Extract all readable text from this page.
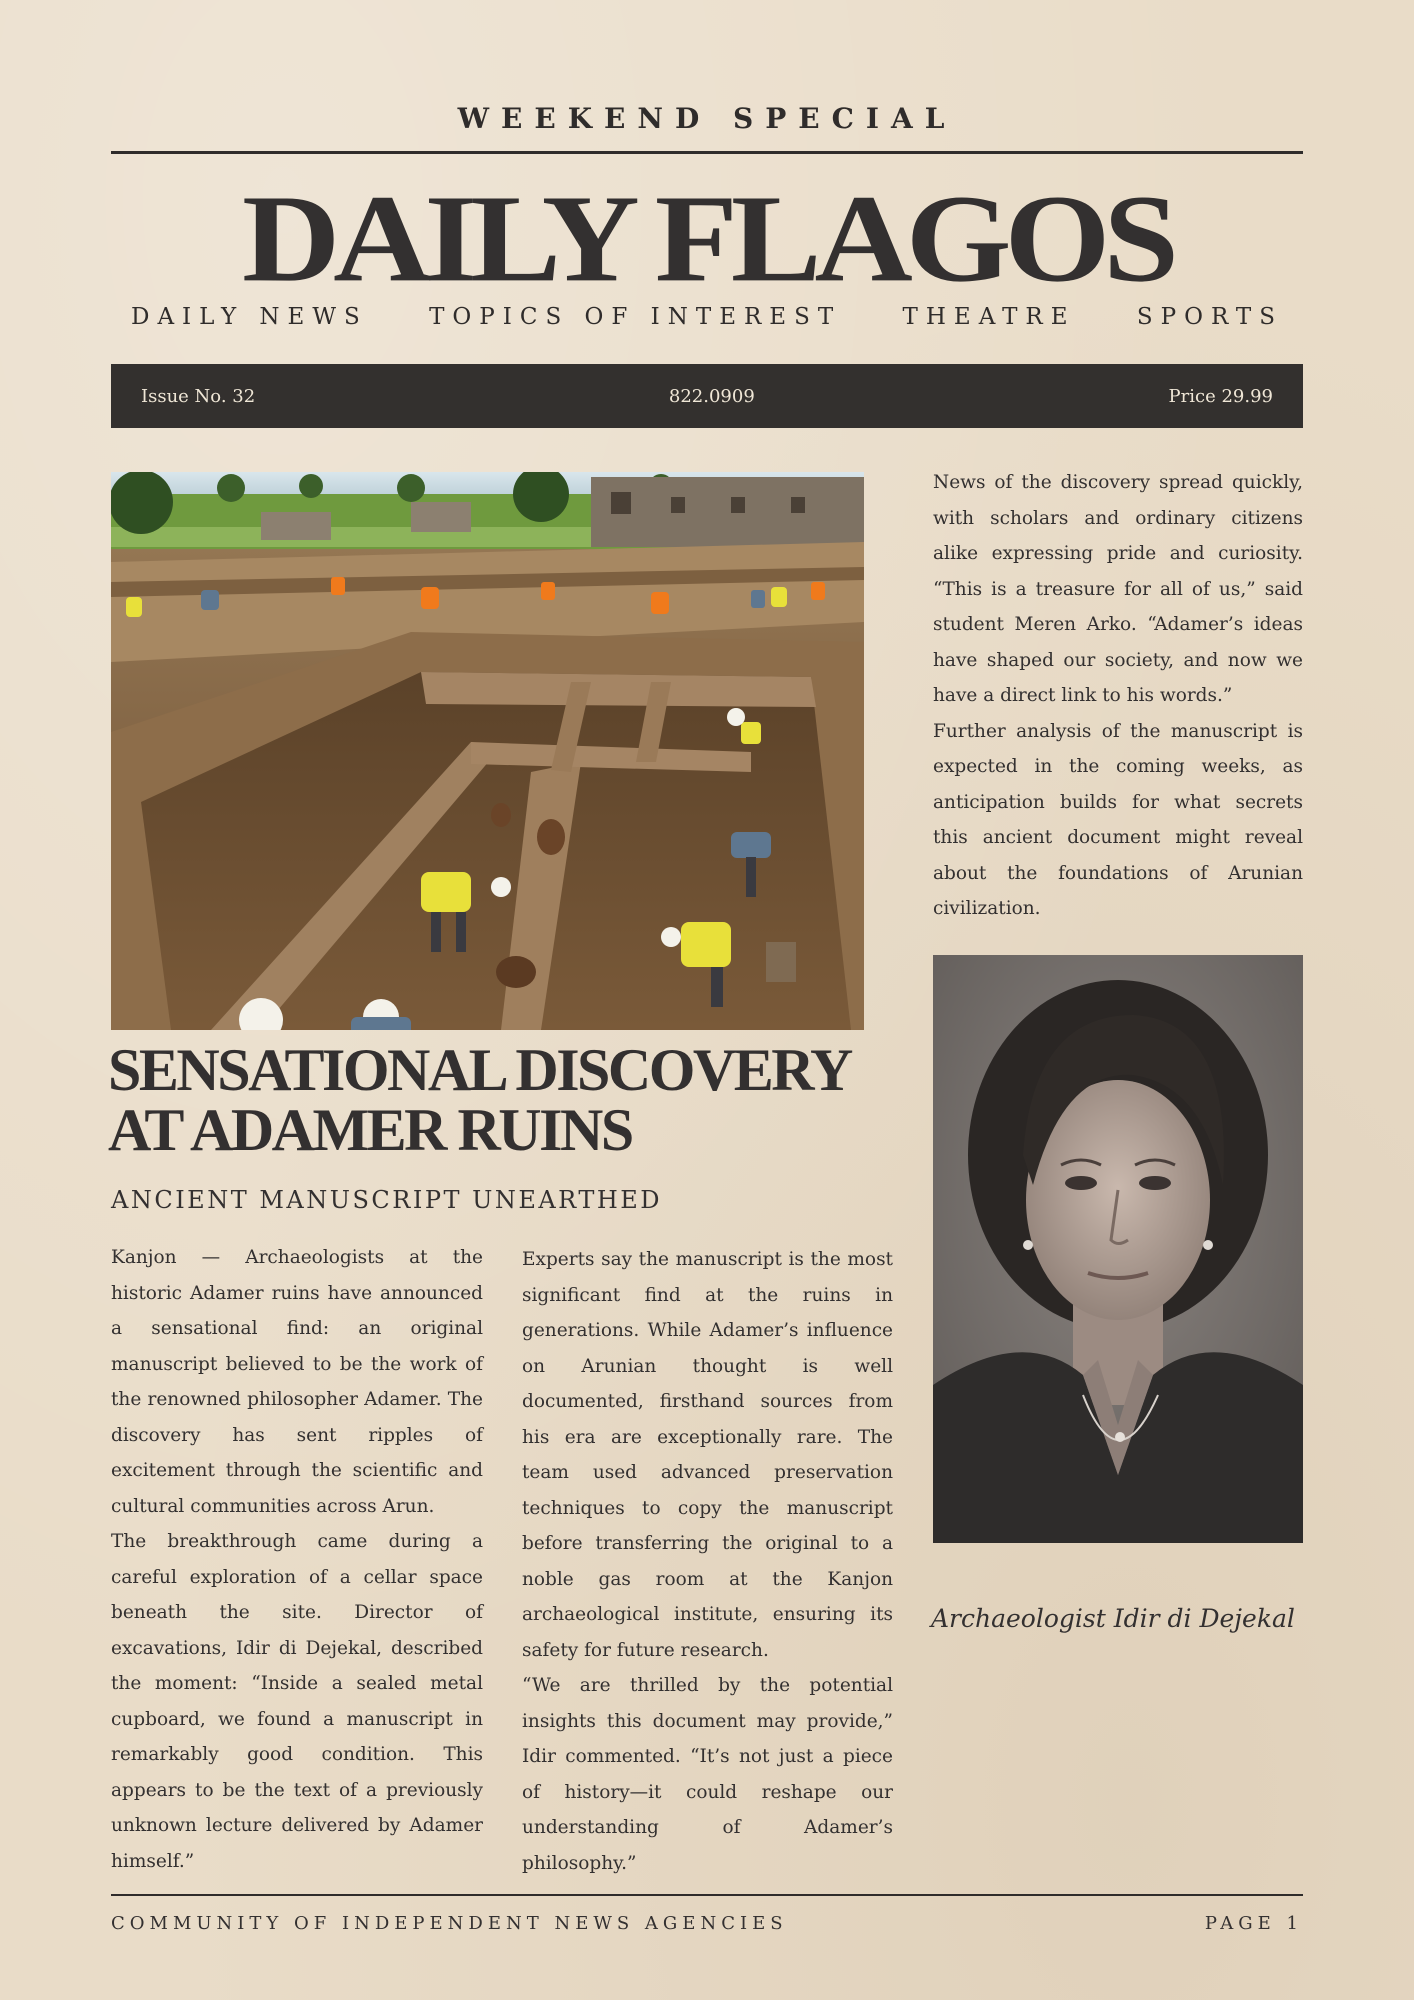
WEEKEND SPECIAL
DAILY FLAGOS
DAILY NEWS	TOPICS OF INTEREST	THEATRE	SPORTS
Issue No. 32	822.0909	Price 29.99
SENSATIONAL DISCOVERY
AT ADAMER RUINS
ANCIENT MANUSCRIPT UNEARTHED

Kanjon — Archaeologists at the historic Adamer ruins have announced a sensational find: an original manuscript believed to be the work of the renowned philosopher Adamer. The discovery has sent ripples of excitement through the scientific and cultural communities across Arun.

The breakthrough came during a careful exploration of a cellar space beneath the site. Director of excavations, Idir di Dejekal, described the moment: “Inside a sealed metal cupboard, we found a manuscript in remarkably good condition. This appears to be the text of a previously unknown lecture delivered by Adamer himself.”

Experts say the manuscript is the most significant find at the ruins in generations. While Adamer’s influence on Arunian thought is well documented, firsthand sources from his era are exceptionally rare. The team used advanced preservation techniques to copy the manuscript before transferring the original to a noble gas room at the Kanjon archaeological institute, ensuring its safety for future research.

“We are thrilled by the potential insights this document may provide,” Idir commented. “It’s not just a piece of history—it could reshape our understanding of Adamer’s philosophy.”

News of the discovery spread quickly, with scholars and ordinary citizens alike expressing pride and curiosity. “This is a treasure for all of us,” said student Meren Arko. “Adamer’s ideas have shaped our society, and now we have a direct link to his words.”

Further analysis of the manuscript is expected in the coming weeks, as anticipation builds for what secrets this ancient document might reveal about the foundations of Arunian civilization.

Archaeologist Idir di Dejekal
COMMUNITY OF INDEPENDENT NEWS AGENCIES	PAGE 1
